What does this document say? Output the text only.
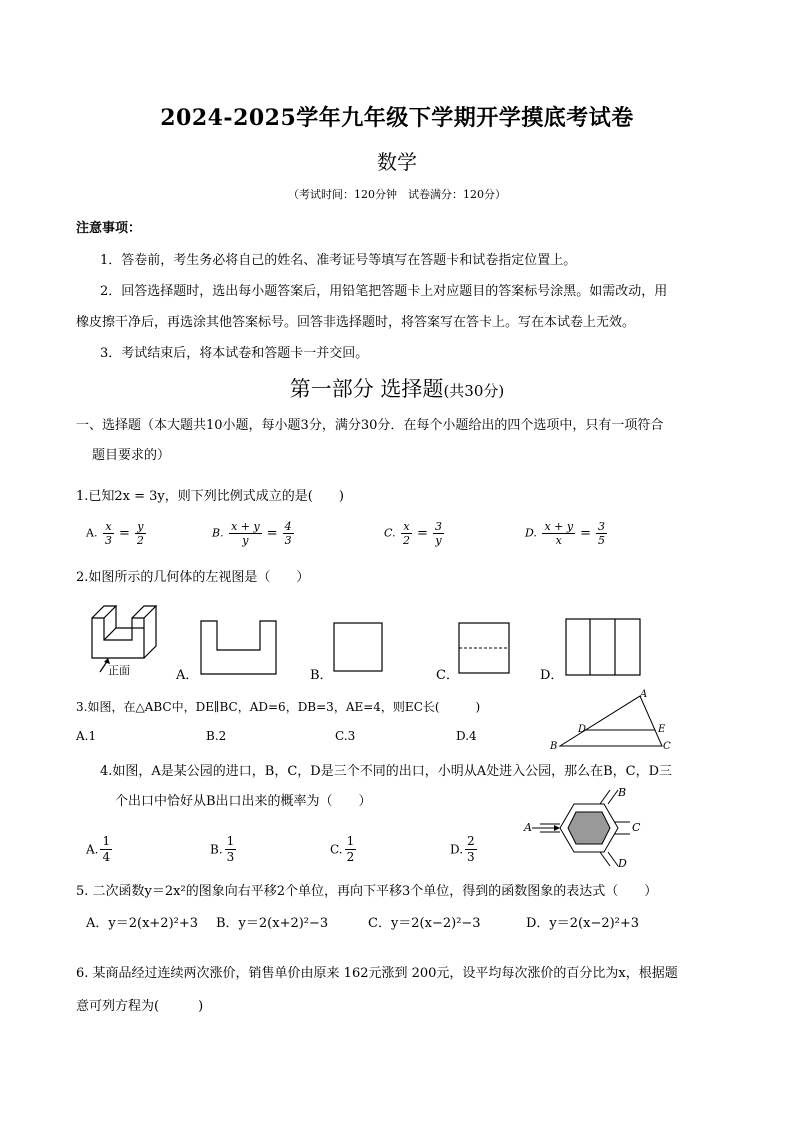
2024-2025学年九年级下学期开学摸底考试卷
数学
（考试时间：120分钟　试卷满分：120分）
注意事项：
1．答卷前，考生务必将自己的姓名、准考证号等填写在答题卡和试卷指定位置上。
2．回答选择题时，选出每小题答案后，用铅笔把答题卡上对应题目的答案标号涂黑。如需改动，用
橡皮擦干净后，再选涂其他答案标号。回答非选择题时，将答案写在答卡上。写在本试卷上无效。
3．考试结束后，将本试卷和答题卡一并交回。
第一部分 选择题(共30分)
一、选择题（本大题共10小题，每小题3分，满分30分．在每个小题给出的四个选项中，只有一项符合
题目要求的）
1.已知2x = 3y，则下列比例式成立的是(　　)
A. $\frac{x}{3} = \frac{y}{2}$	B. $\frac{x + y}{y} = \frac{4}{3}$	C. $\frac{x}{2} = \frac{3}{y}$	D. $\frac{x + y}{x} = \frac{3}{5}$
2.如图所示的几何体的左视图是（　　）
正面	A．	B．	C．	D．
3.如图，在△ABC中，DE∥BC，AD=6，DB=3，AE=4，则EC长(　　　)
A.1	B.2	C.3	D.4
A
B	C
D	E
4.如图，A是某公园的进口，B，C，D是三个不同的出口，小明从A处进入公园，那么在B，C，D三
个出口中恰好从B出口出来的概率为（　　）
A
B
C
D
A. $\frac{1}{4}$	B. $\frac{1}{3}$	C. $\frac{1}{2}$	D. $\frac{2}{3}$
5. 二次函数y＝2x²的图象向右平移2个单位，再向下平移3个单位，得到的函数图象的表达式（　　）
A．y＝2(x+2)²+3 B．y＝2(x+2)²−3	C．y＝2(x−2)²−3	D．y＝2(x−2)²+3
6. 某商品经过连续两次涨价，销售单价由原来 162元涨到 200元，设平均每次涨价的百分比为x，根据题
意可列方程为(　　　)
